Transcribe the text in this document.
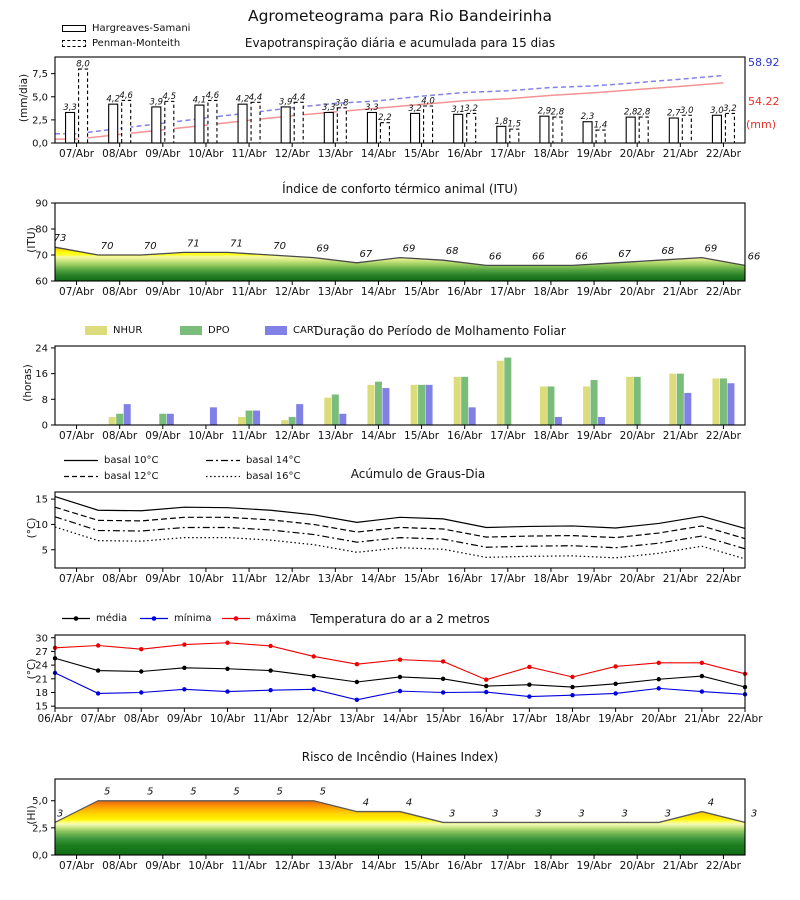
Agrometeograma para Rio Bandeirinha
Hargreaves-Samani
Penman-Monteith	Evapotranspiração diária e acumulada para 15 dias
(mm/dia)	3,3
8,0
4,2 4,6
3,9
4,5 4,1 4,6 4,2 4,4 3,9 4,4
3,3 3,8 3,3
2,2
3,2
4,0
3,1 3,2
1,8 1,5
2,9 2,8 2,3
1,4
2,8 2,8 2,7 3,0 3,0 3,2
7,5
5,0
2,5
0,0
07/Abr 08/Abr 09/Abr 10/Abr 11/Abr 12/Abr 13/Abr 14/Abr 15/Abr 16/Abr 17/Abr 18/Abr 19/Abr 20/Abr 21/Abr 22/Abr
58.92
54.22
(mm)
Índice de conforto térmico animal (ITU)
(ITU) 73
70	70	71	71	70	69	67	69	68	66	66	66	67	68	69
66
90
80
70
60
07/Abr 08/Abr 09/Abr 10/Abr 11/Abr 12/Abr 13/Abr 14/Abr 15/Abr 16/Abr 17/Abr 18/Abr 19/Abr 20/Abr 21/Abr 22/Abr
NHUR	DPO	CART
Duração do Período de Molhamento Foliar
(horas)
24
16
8
0
07/Abr 08/Abr 09/Abr 10/Abr 11/Abr 12/Abr 13/Abr 14/Abr 15/Abr 16/Abr 17/Abr 18/Abr 19/Abr 20/Abr 21/Abr 22/Abr
basal 10°C
basal 12°C
basal 14°C
basal 16°C	Acúmulo de Graus-Dia
(°C)
15
10
5
07/Abr 08/Abr 09/Abr 10/Abr 11/Abr 12/Abr 13/Abr 14/Abr 15/Abr 16/Abr 17/Abr 18/Abr 19/Abr 20/Abr 21/Abr 22/Abr
média	mínima	máxima	Temperatura do ar a 2 metros
(°C)
30
27
24
21
18
15
06/Abr 07/Abr 08/Abr 09/Abr 10/Abr 11/Abr 12/Abr 13/Abr 14/Abr 15/Abr 16/Abr 17/Abr 18/Abr 19/Abr 20/Abr 21/Abr 22/Abr
Risco de Incêndio (Haines Index)
(HI) 3
5	5	5	5	5	5
4	4
3	3	3	3	3	3
4
3
5,0
2,5
0,0
07/Abr 08/Abr 09/Abr 10/Abr 11/Abr 12/Abr 13/Abr 14/Abr 15/Abr 16/Abr 17/Abr 18/Abr 19/Abr 20/Abr 21/Abr 22/Abr
